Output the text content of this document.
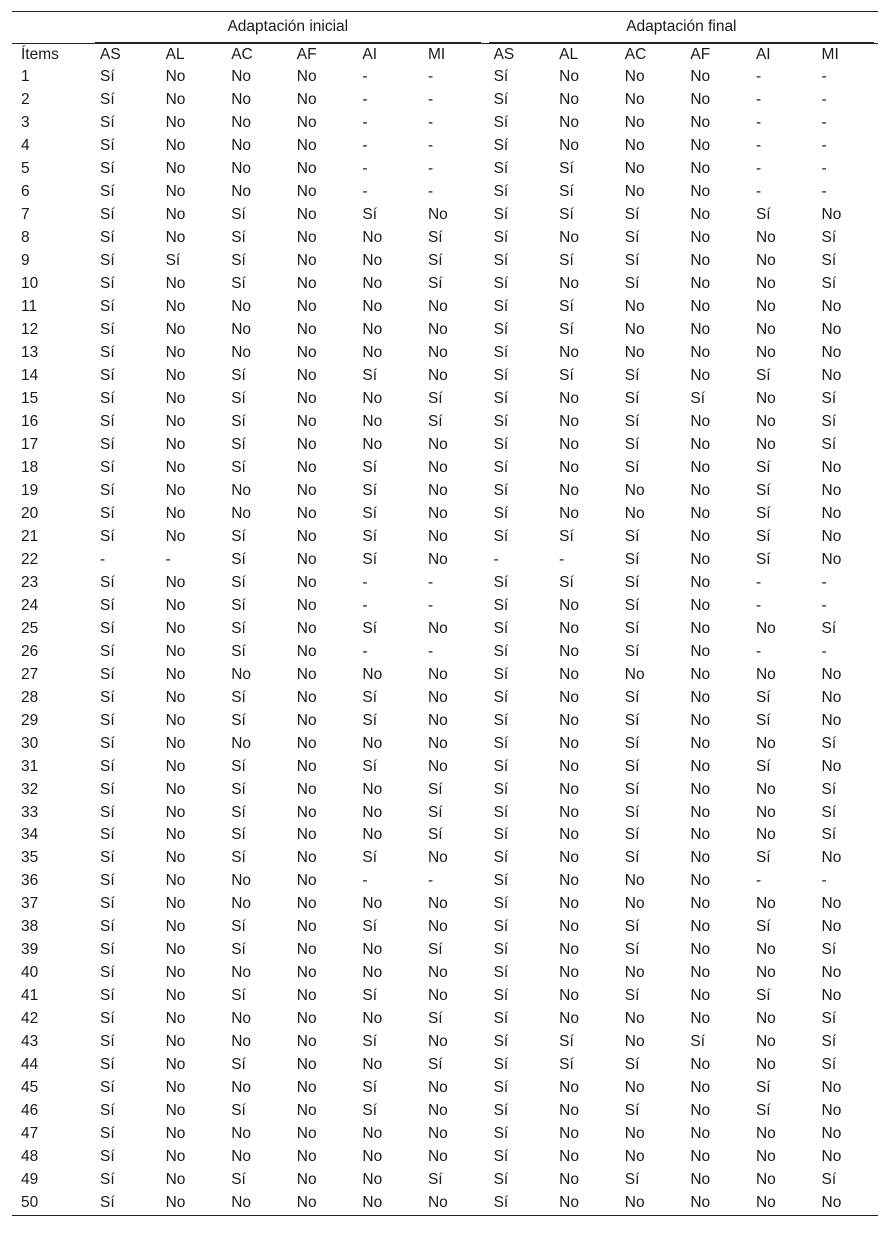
	Adaptación inicial						Adaptación final					

Ítems	AS	AL	AC	AF	AI	MI	AS	AL	AC	AF	AI	MI
1	Sí	No	No	No	-	-	Sí	No	No	No	-	-
2	Sí	No	No	No	-	-	Sí	No	No	No	-	-
3	Sí	No	No	No	-	-	Sí	No	No	No	-	-
4	Sí	No	No	No	-	-	Sí	No	No	No	-	-
5	Sí	No	No	No	-	-	Sí	Sí	No	No	-	-
6	Sí	No	No	No	-	-	Sí	Sí	No	No	-	-
7	Sí	No	Sí	No	Sí	No	Sí	Sí	Sí	No	Sí	No
8	Sí	No	Sí	No	No	Sí	Sí	No	Sí	No	No	Sí
9	Sí	Sí	Sí	No	No	Sí	Sí	Sí	Sí	No	No	Sí
10	Sí	No	Sí	No	No	Sí	Sí	No	Sí	No	No	Sí
11	Sí	No	No	No	No	No	Sí	Sí	No	No	No	No
12	Sí	No	No	No	No	No	Sí	Sí	No	No	No	No
13	Sí	No	No	No	No	No	Sí	No	No	No	No	No
14	Sí	No	Sí	No	Sí	No	Sí	Sí	Sí	No	Sí	No
15	Sí	No	Sí	No	No	Sí	Sí	No	Sí	Sí	No	Sí
16	Sí	No	Sí	No	No	Sí	Sí	No	Sí	No	No	Sí
17	Sí	No	Sí	No	No	No	Sí	No	Sí	No	No	Sí
18	Sí	No	Sí	No	Sí	No	Sí	No	Sí	No	Sí	No
19	Sí	No	No	No	Sí	No	Sí	No	No	No	Sí	No
20	Sí	No	No	No	Sí	No	Sí	No	No	No	Sí	No
21	Sí	No	Sí	No	Sí	No	Sí	Sí	Sí	No	Sí	No
22	-	-	Sí	No	Sí	No	-	-	Sí	No	Sí	No
23	Sí	No	Sí	No	-	-	Sí	Sí	Sí	No	-	-
24	Sí	No	Sí	No	-	-	Sí	No	Sí	No	-	-
25	Sí	No	Sí	No	Sí	No	Sí	No	Sí	No	No	Sí
26	Sí	No	Sí	No	-	-	Sí	No	Sí	No	-	-
27	Sí	No	No	No	No	No	Sí	No	No	No	No	No
28	Sí	No	Sí	No	Sí	No	Sí	No	Sí	No	Sí	No
29	Sí	No	Sí	No	Sí	No	Sí	No	Sí	No	Sí	No
30	Sí	No	No	No	No	No	Sí	No	Sí	No	No	Sí
31	Sí	No	Sí	No	Sí	No	Sí	No	Sí	No	Sí	No
32	Sí	No	Sí	No	No	Sí	Sí	No	Sí	No	No	Sí
33	Sí	No	Sí	No	No	Sí	Sí	No	Sí	No	No	Sí
34	Sí	No	Sí	No	No	Sí	Sí	No	Sí	No	No	Sí
35	Sí	No	Sí	No	Sí	No	Sí	No	Sí	No	Sí	No
36	Sí	No	No	No	-	-	Sí	No	No	No	-	-
37	Sí	No	No	No	No	No	Sí	No	No	No	No	No
38	Sí	No	Sí	No	Sí	No	Sí	No	Sí	No	Sí	No
39	Sí	No	Sí	No	No	Sí	Sí	No	Sí	No	No	Sí
40	Sí	No	No	No	No	No	Sí	No	No	No	No	No
41	Sí	No	Sí	No	Sí	No	Sí	No	Sí	No	Sí	No
42	Sí	No	No	No	No	Sí	Sí	No	No	No	No	Sí
43	Sí	No	No	No	Sí	No	Sí	Sí	No	Sí	No	Sí
44	Sí	No	Sí	No	No	Sí	Sí	Sí	Sí	No	No	Sí
45	Sí	No	No	No	Sí	No	Sí	No	No	No	Sí	No
46	Sí	No	Sí	No	Sí	No	Sí	No	Sí	No	Sí	No
47	Sí	No	No	No	No	No	Sí	No	No	No	No	No
48	Sí	No	No	No	No	No	Sí	No	No	No	No	No
49	Sí	No	Sí	No	No	Sí	Sí	No	Sí	No	No	Sí
50	Sí	No	No	No	No	No	Sí	No	No	No	No	No
